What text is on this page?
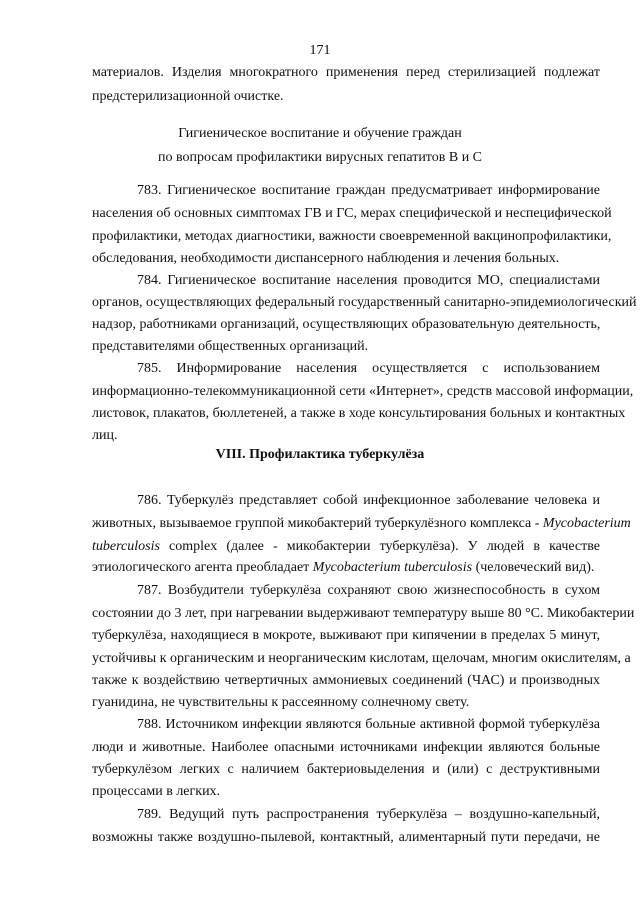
171
материалов. Изделия многократного применения перед стерилизацией подлежат
предстерилизационной очистке.
Гигиеническое воспитание и обучение граждан
по вопросам профилактики вирусных гепатитов В и С
783. Гигиеническое воспитание граждан предусматривает информирование
населения об основных симптомах ГВ и ГС, мерах специфической и неспецифической
профилактики, методах диагностики, важности своевременной вакцинопрофилактики,
обследования, необходимости диспансерного наблюдения и лечения больных.
784. Гигиеническое воспитание населения проводится МО, специалистами
органов, осуществляющих федеральный государственный санитарно-эпидемиологический
надзор, работниками организаций, осуществляющих образовательную деятельность,
представителями общественных организаций.
785. Информирование населения осуществляется с использованием
информационно-телекоммуникационной сети «Интернет», средств массовой информации,
листовок, плакатов, бюллетеней, а также в ходе консультирования больных и контактных
лиц.
VIII. Профилактика туберкулёза
786. Туберкулёз представляет собой инфекционное заболевание человека и
животных, вызываемое группой микобактерий туберкулёзного комплекса - Mycobacterium
tuberculosis complex (далее - микобактерии туберкулёза). У людей в качестве
этиологического агента преобладает Mycobacterium tuberculosis (человеческий вид).
787. Возбудители туберкулёза сохраняют свою жизнеспособность в сухом
состоянии до 3 лет, при нагревании выдерживают температуру выше 80 °С. Микобактерии
туберкулёза, находящиеся в мокроте, выживают при кипячении в пределах 5 минут,
устойчивы к органическим и неорганическим кислотам, щелочам, многим окислителям, а
также к воздействию четвертичных аммониевых соединений (ЧАС) и производных
гуанидина, не чувствительны к рассеянному солнечному свету.
788. Источником инфекции являются больные активной формой туберкулёза
люди и животные. Наиболее опасными источниками инфекции являются больные
туберкулёзом легких с наличием бактериовыделения и (или) с деструктивными
процессами в легких.
789. Ведущий путь распространения туберкулёза – воздушно-капельный,
возможны также воздушно-пылевой, контактный, алиментарный пути передачи, не
